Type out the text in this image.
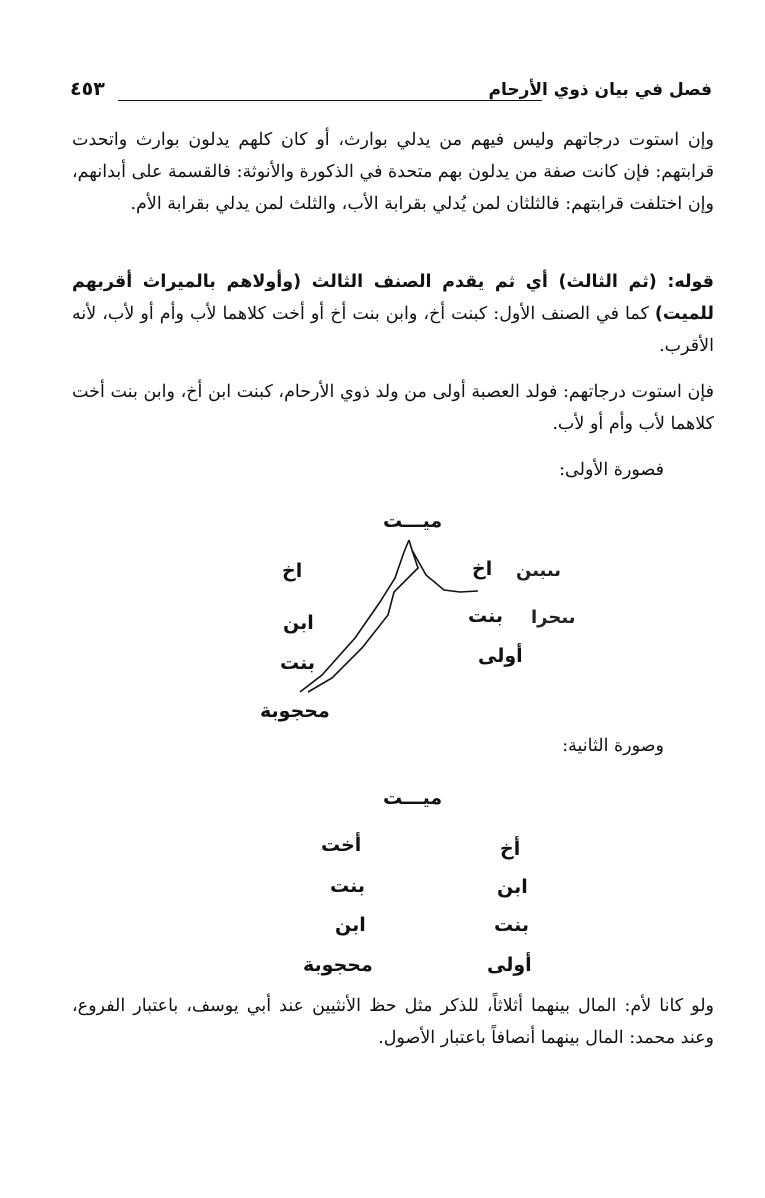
فصل في بيان ذوي الأرحام
٤٥٣
وإن استوت درجاتهم وليس فيهم من يدلي بوارث، أو كان كلهم يدلون بوارث واتحدت قرابتهم: فإن كانت صفة من يدلون بهم متحدة في الذكورة والأنوثة: فالقسمة على أبدانهم، وإن اختلفت قرابتهم: فالثلثان لمن يُدلي بقرابة الأب، والثلث لمن يدلي بقرابة الأم.
قوله: (ثم الثالث) أي ثم يقدم الصنف الثالث (وأولاهم بالميراث أقربهم للميت) كما في الصنف الأول: كبنت أخ، وابن بنت أخ أو أخت كلاهما لأب وأم أو لأب، لأنه الأقرب.
فإن استوت درجاتهم: فولد العصبة أولى من ولد ذوي الأرحام، كبنت ابن أخ، وابن بنت أخت كلاهما لأب وأم أو لأب.
فصورة الأولى:
ميـــت
اخ
ابن
بنت
محجوبة
اخ
بنت
أولى
ىىبىن
ىىحرا
وصورة الثانية:
ميـــت
أخ
ابن
بنت
أولى
أخت
بنت
ابن
محجوبة
ولو كانا لأم: المال بينهما أثلاثاً، للذكر مثل حظ الأنثيين عند أبي يوسف، باعتبار الفروع، وعند محمد: المال بينهما أنصافاً باعتبار الأصول.
